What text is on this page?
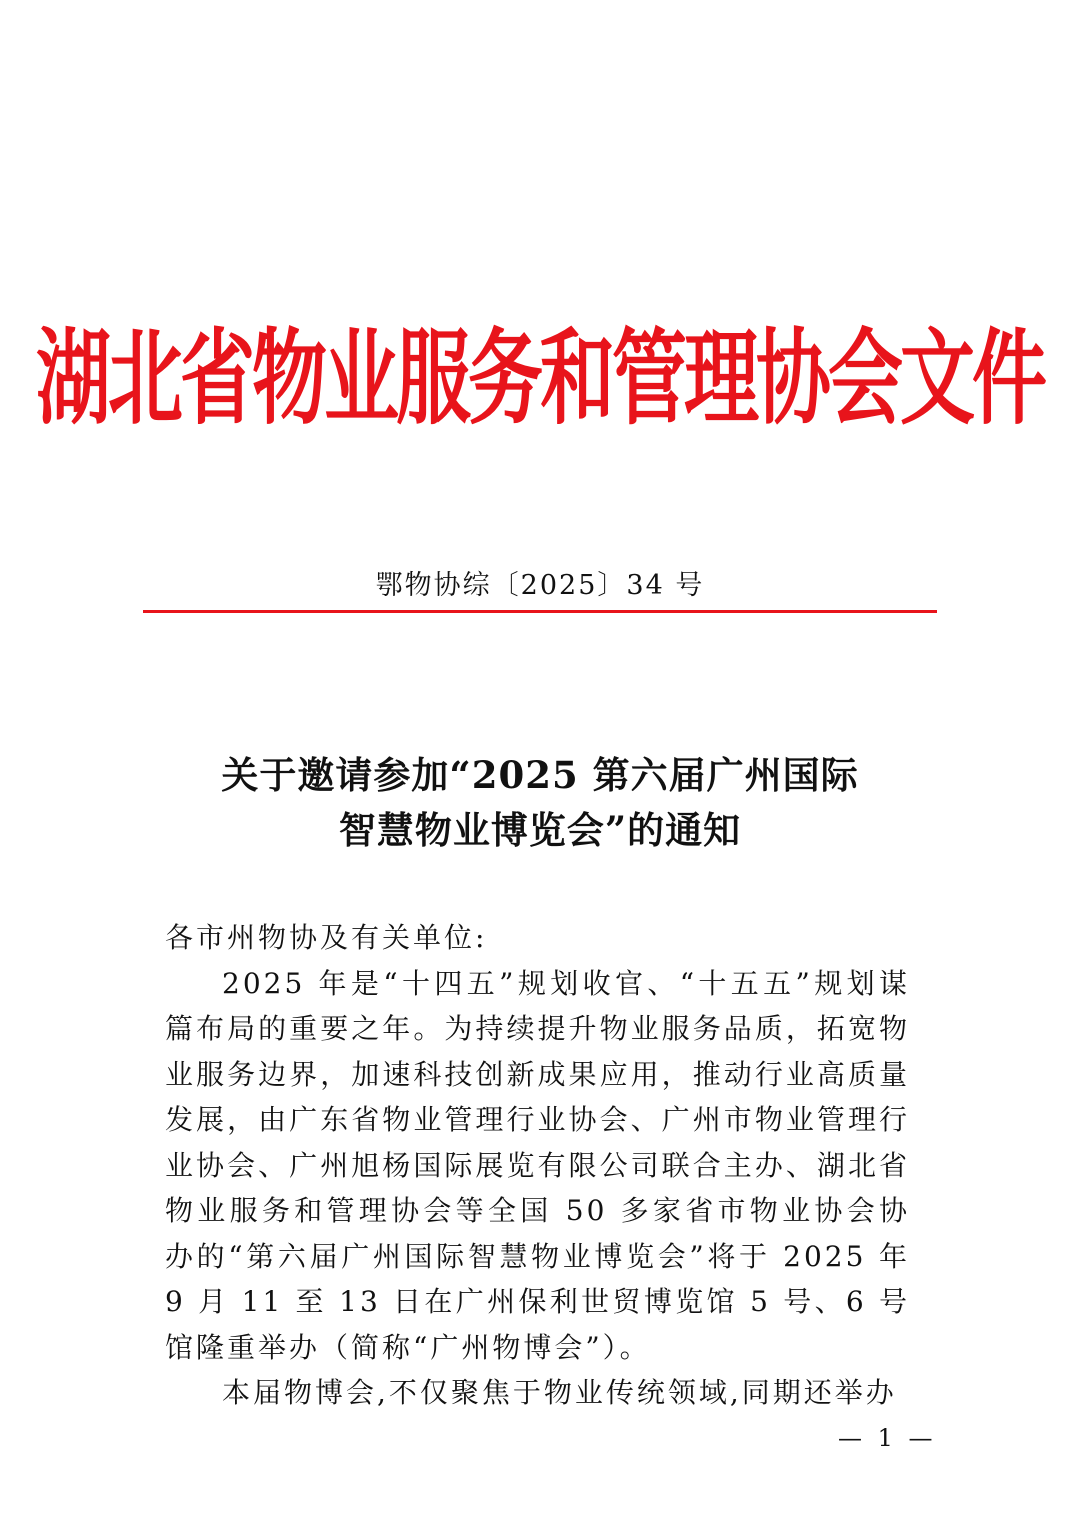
湖北省物业服务和管理协会文件
鄂物协综〔2025〕34 号
关于邀请参加“2025 第六届广州国际
智慧物业博览会”的通知

各市州物协及有关单位:

2025 年是“十四五”规划收官、“十五五”规划谋篇布局的重要之年。为持续提升物业服务品质，拓宽物业服务边界，加速科技创新成果应用，推动行业高质量发展，由广东省物业管理行业协会、广州市物业管理行业协会、广州旭杨国际展览有限公司联合主办、湖北省物业服务和管理协会等全国 50 多家省市物业协会协办的“第六届广州国际智慧物业博览会”将于 2025 年 9 月 11 至 13 日在广州保利世贸博览馆 5 号、6 号馆隆重举办（简称“广州物博会”）。

本届物博会,不仅聚焦于物业传统领域,同期还举办

— 1 —
